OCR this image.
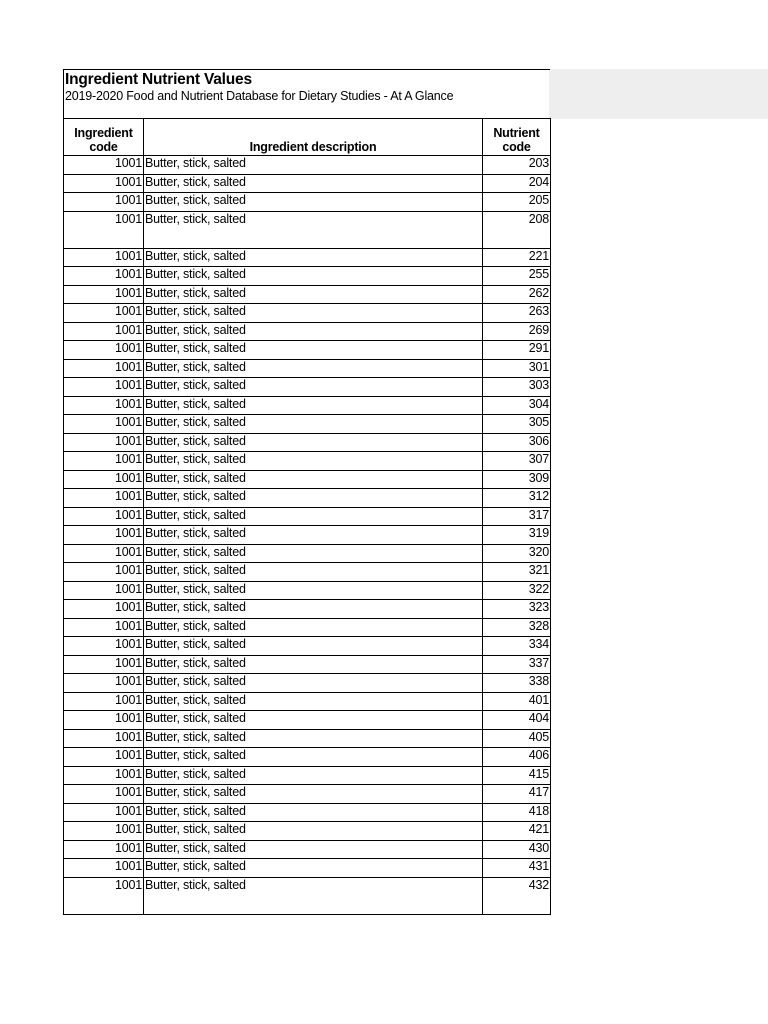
Ingredient Nutrient Values
2019-2020 Food and Nutrient Database for Dietary Studies - At A Glance
Ingredient code	Ingredient description	Nutrient code
1001	Butter, stick, salted	203
1001	Butter, stick, salted	204
1001	Butter, stick, salted	205
1001	Butter, stick, salted	208
1001	Butter, stick, salted	221
1001	Butter, stick, salted	255
1001	Butter, stick, salted	262
1001	Butter, stick, salted	263
1001	Butter, stick, salted	269
1001	Butter, stick, salted	291
1001	Butter, stick, salted	301
1001	Butter, stick, salted	303
1001	Butter, stick, salted	304
1001	Butter, stick, salted	305
1001	Butter, stick, salted	306
1001	Butter, stick, salted	307
1001	Butter, stick, salted	309
1001	Butter, stick, salted	312
1001	Butter, stick, salted	317
1001	Butter, stick, salted	319
1001	Butter, stick, salted	320
1001	Butter, stick, salted	321
1001	Butter, stick, salted	322
1001	Butter, stick, salted	323
1001	Butter, stick, salted	328
1001	Butter, stick, salted	334
1001	Butter, stick, salted	337
1001	Butter, stick, salted	338
1001	Butter, stick, salted	401
1001	Butter, stick, salted	404
1001	Butter, stick, salted	405
1001	Butter, stick, salted	406
1001	Butter, stick, salted	415
1001	Butter, stick, salted	417
1001	Butter, stick, salted	418
1001	Butter, stick, salted	421
1001	Butter, stick, salted	430
1001	Butter, stick, salted	431
1001	Butter, stick, salted	432
